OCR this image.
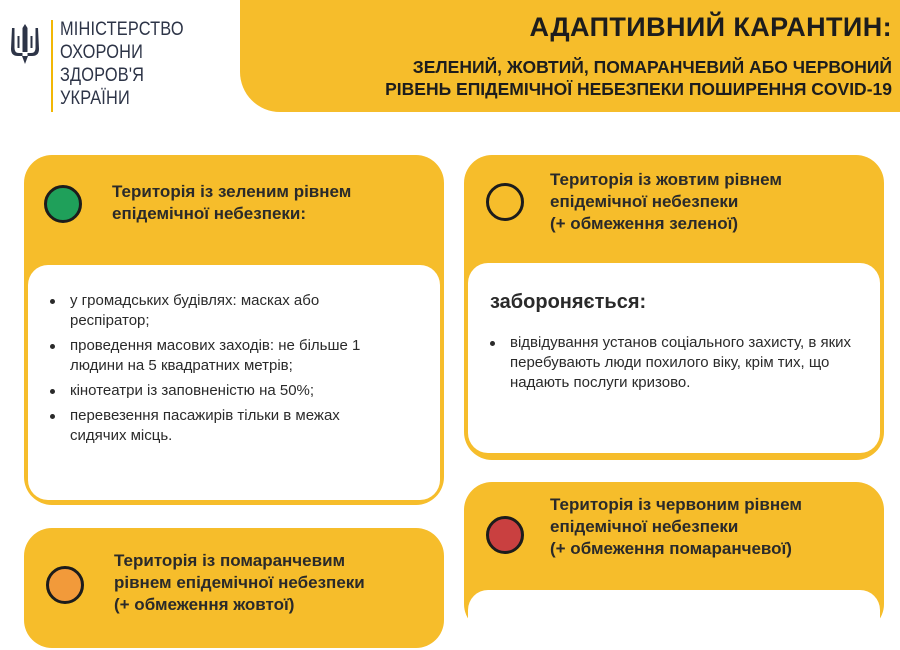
МІНІСТЕРСТВО
ОХОРОНИ
ЗДОРОВ'Я
УКРАЇНИ
АДАПТИВНИЙ КАРАНТИН:
ЗЕЛЕНИЙ, ЖОВТИЙ, ПОМАРАНЧЕВИЙ АБО ЧЕРВОНИЙ
РІВЕНЬ ЕПІДЕМІЧНОЇ НЕБЕЗПЕКИ ПОШИРЕННЯ COVID-19
Територія із зеленим рівнем
епідемічної небезпеки:
у громадських будівлях: масках або респіратор;
проведення масових заходів: не більше 1 людини на 5 квадратних метрів;
кінотеатри із заповненістю на 50%;
перевезення пасажирів тільки в межах сидячих місць.
Територія із жовтим рівнем
епідемічної небезпеки
(+ обмеження зеленої)
забороняється:
відвідування установ соціального захисту, в яких перебувають люди похилого віку, крім тих, що надають послуги кризово.
Територія із червоним рівнем
епідемічної небезпеки
(+ обмеження помаранчевої)
Територія із помаранчевим
рівнем епідемічної небезпеки
(+ обмеження жовтої)
